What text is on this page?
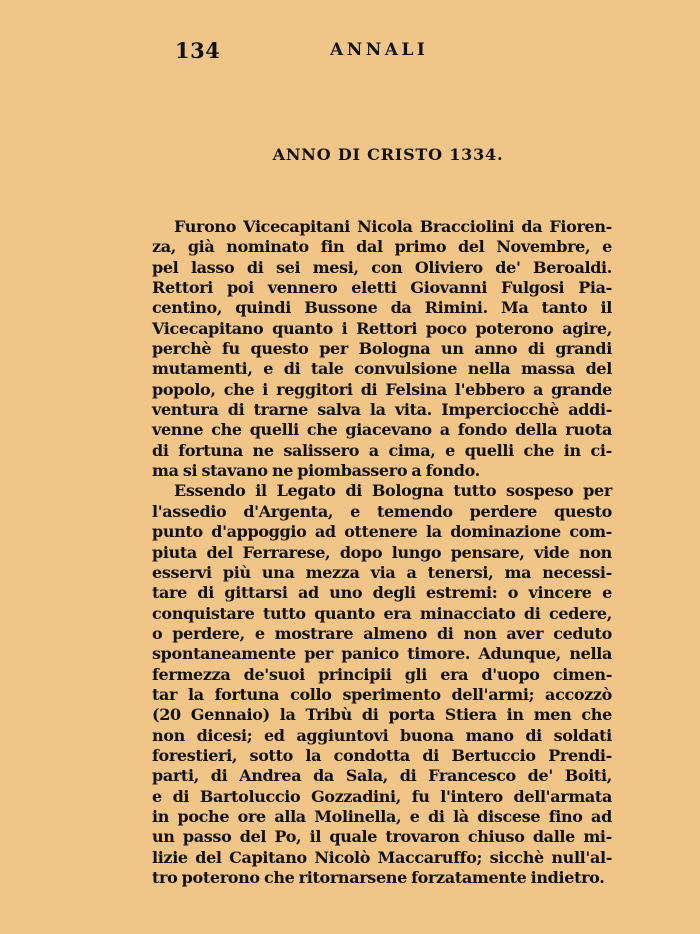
134	ANNALI
ANNO DI CRISTO 1334.
Furono Vicecapitani Nicola Bracciolini da Fioren-
za, già nominato fin dal primo del Novembre, e
pel lasso di sei mesi, con Oliviero de' Beroaldi.
Rettori poi vennero eletti Giovanni Fulgosi Pia-
centino, quindi Bussone da Rimini. Ma tanto il
Vicecapitano quanto i Rettori poco poterono agire,
perchè fu questo per Bologna un anno di grandi
mutamenti, e di tale convulsione nella massa del
popolo, che i reggitori di Felsina l'ebbero a grande
ventura di trarne salva la vita. Imperciocchè addi-
venne che quelli che giacevano a fondo della ruota
di fortuna ne salissero a cima, e quelli che in ci-
ma si stavano ne piombassero a fondo.
Essendo il Legato di Bologna tutto sospeso per
l'assedio d'Argenta, e temendo perdere questo
punto d'appoggio ad ottenere la dominazione com-
piuta del Ferrarese, dopo lungo pensare, vide non
esservi più una mezza via a tenersi, ma necessi-
tare di gittarsi ad uno degli estremi: o vincere e
conquistare tutto quanto era minacciato di cedere,
o perdere, e mostrare almeno di non aver ceduto
spontaneamente per panico timore. Adunque, nella
fermezza de'suoi principii gli era d'uopo cimen-
tar la fortuna collo sperimento dell'armi; accozzò
(20 Gennaio) la Tribù di porta Stiera in men che
non dicesi; ed aggiuntovi buona mano di soldati
forestieri, sotto la condotta di Bertuccio Prendi-
parti, di Andrea da Sala, di Francesco de' Boiti,
e di Bartoluccio Gozzadini, fu l'intero dell'armata
in poche ore alla Molinella, e di là discese fino ad
un passo del Po, il quale trovaron chiuso dalle mi-
lizie del Capitano Nicolò Maccaruffo; sicchè null'al-
tro poterono che ritornarsene forzatamente indietro.
